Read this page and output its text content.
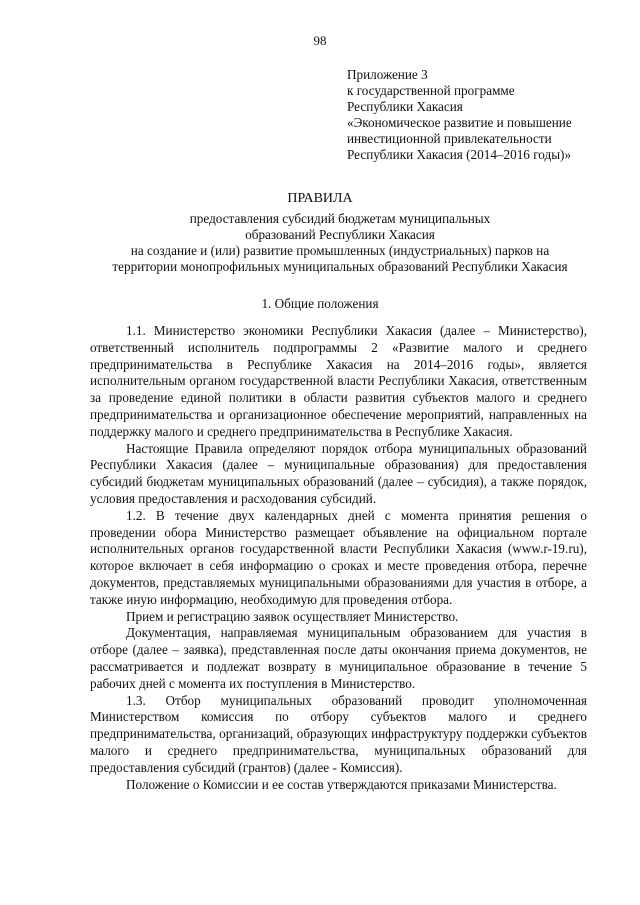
98
Приложение 3
к государственной программе
Республики Хакасия
«Экономическое развитие и повышение
инвестиционной привлекательности
Республики Хакасия (2014–2016 годы)»
ПРАВИЛА
предоставления субсидий бюджетам муниципальных
образований Республики Хакасия
на создание и (или) развитие промышленных (индустриальных) парков на
территории монопрофильных муниципальных образований Республики Хакасия
1. Общие положения

1.1. Министерство экономики Республики Хакасия (далее – Министерство), ответственный исполнитель подпрограммы 2 «Развитие малого и среднего предпринимательства в Республике Хакасия на 2014–2016 годы», является исполнительным органом государственной власти Республики Хакасия, ответственным за проведение единой политики в области развития субъектов малого и среднего предпринимательства и организационное обеспечение мероприятий, направленных на поддержку малого и среднего предпринимательства в Республике Хакасия.

Настоящие Правила определяют порядок отбора муниципальных образований Республики Хакасия (далее – муниципальные образования) для предоставления субсидий бюджетам муниципальных образований (далее – субсидия), а также порядок, условия предоставления и расходования субсидий.

1.2. В течение двух календарных дней с момента принятия решения о проведении обора Министерство размещает объявление на официальном портале исполнительных органов государственной власти Республики Хакасия (www.r-19.ru), которое включает в себя информацию о сроках и месте проведения отбора, перечне документов, представляемых муниципальными образованиями для участия в отборе, а также иную информацию, необходимую для проведения отбора.

Прием и регистрацию заявок осуществляет Министерство.

Документация, направляемая муниципальным образованием для участия в отборе (далее – заявка), представленная после даты окончания приема документов, не рассматривается и подлежат возврату в муниципальное образование в течение 5 рабочих дней с момента их поступления в Министерство.

1.3. Отбор муниципальных образований проводит уполномоченная Министерством комиссия по отбору субъектов малого и среднего предпринимательства, организаций, образующих инфраструктуру поддержки субъектов малого и среднего предпринимательства, муниципальных образований для предоставления субсидий (грантов) (далее - Комиссия).

Положение о Комиссии и ее состав утверждаются приказами Министерства.
